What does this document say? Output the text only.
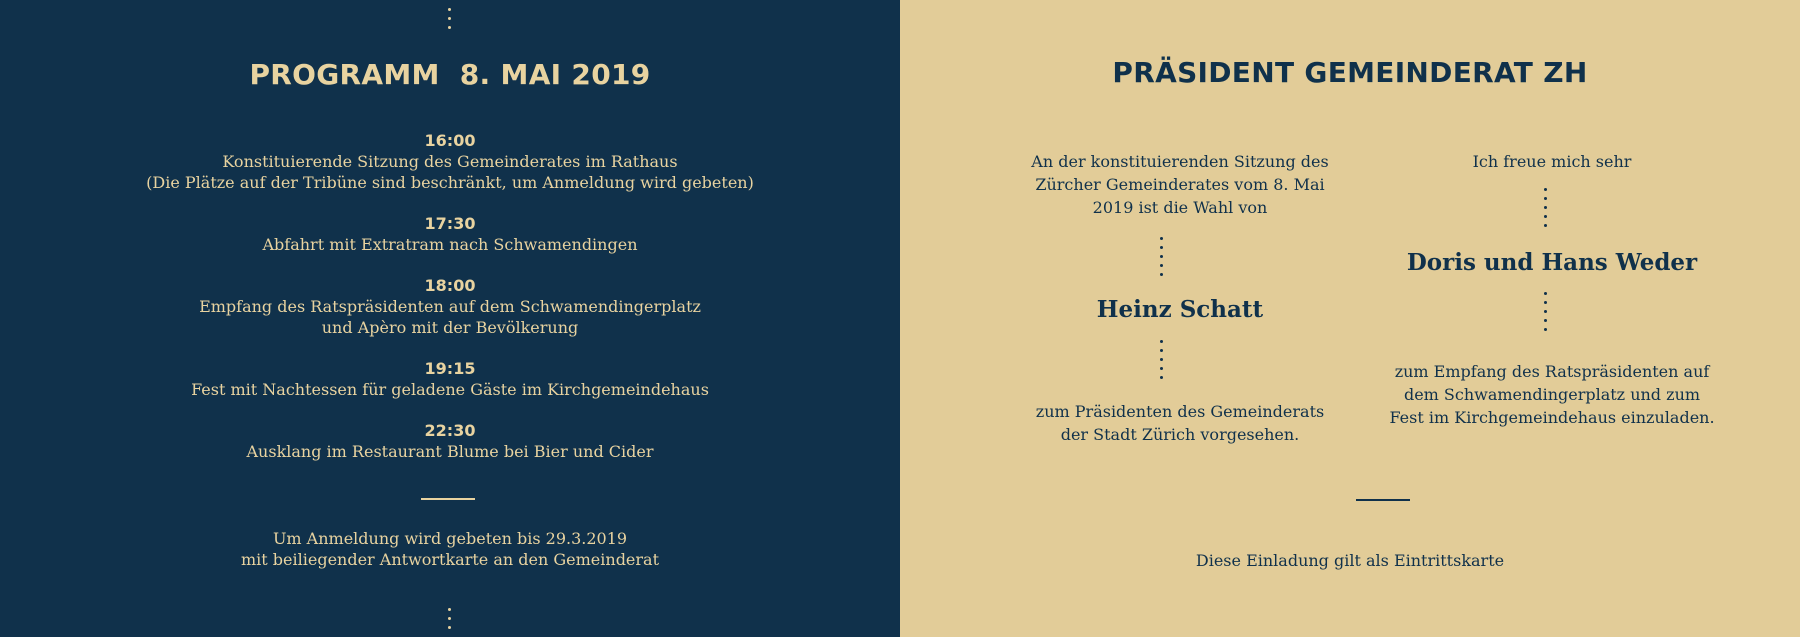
PROGRAMM  8. MAI 2019
16:00
Konstituierende Sitzung des Gemeinderates im Rathaus
(Die Plätze auf der Tribüne sind beschränkt, um Anmeldung wird gebeten)
17:30
Abfahrt mit Extratram nach Schwamendingen
18:00
Empfang des Ratspräsidenten auf dem Schwamendingerplatz
und Apèro mit der Bevölkerung
19:15
Fest mit Nachtessen für geladene Gäste im Kirchgemeindehaus
22:30
Ausklang im Restaurant Blume bei Bier und Cider
Um Anmeldung wird gebeten bis 29.3.2019
mit beiliegender Antwortkarte an den Gemeinderat
PRÄSIDENT GEMEINDERAT ZH

An der konstituierenden Sitzung des

Zürcher Gemeinderates vom 8. Mai

2019 ist die Wahl von

Heinz Schatt

zum Präsidenten des Gemeinderats

der Stadt Zürich vorgesehen.

Ich freue mich sehr

Doris und Hans Weder

zum Empfang des Ratspräsidenten auf

dem Schwamendingerplatz und zum

Fest im Kirchgemeindehaus einzuladen.

Diese Einladung gilt als Eintrittskarte
